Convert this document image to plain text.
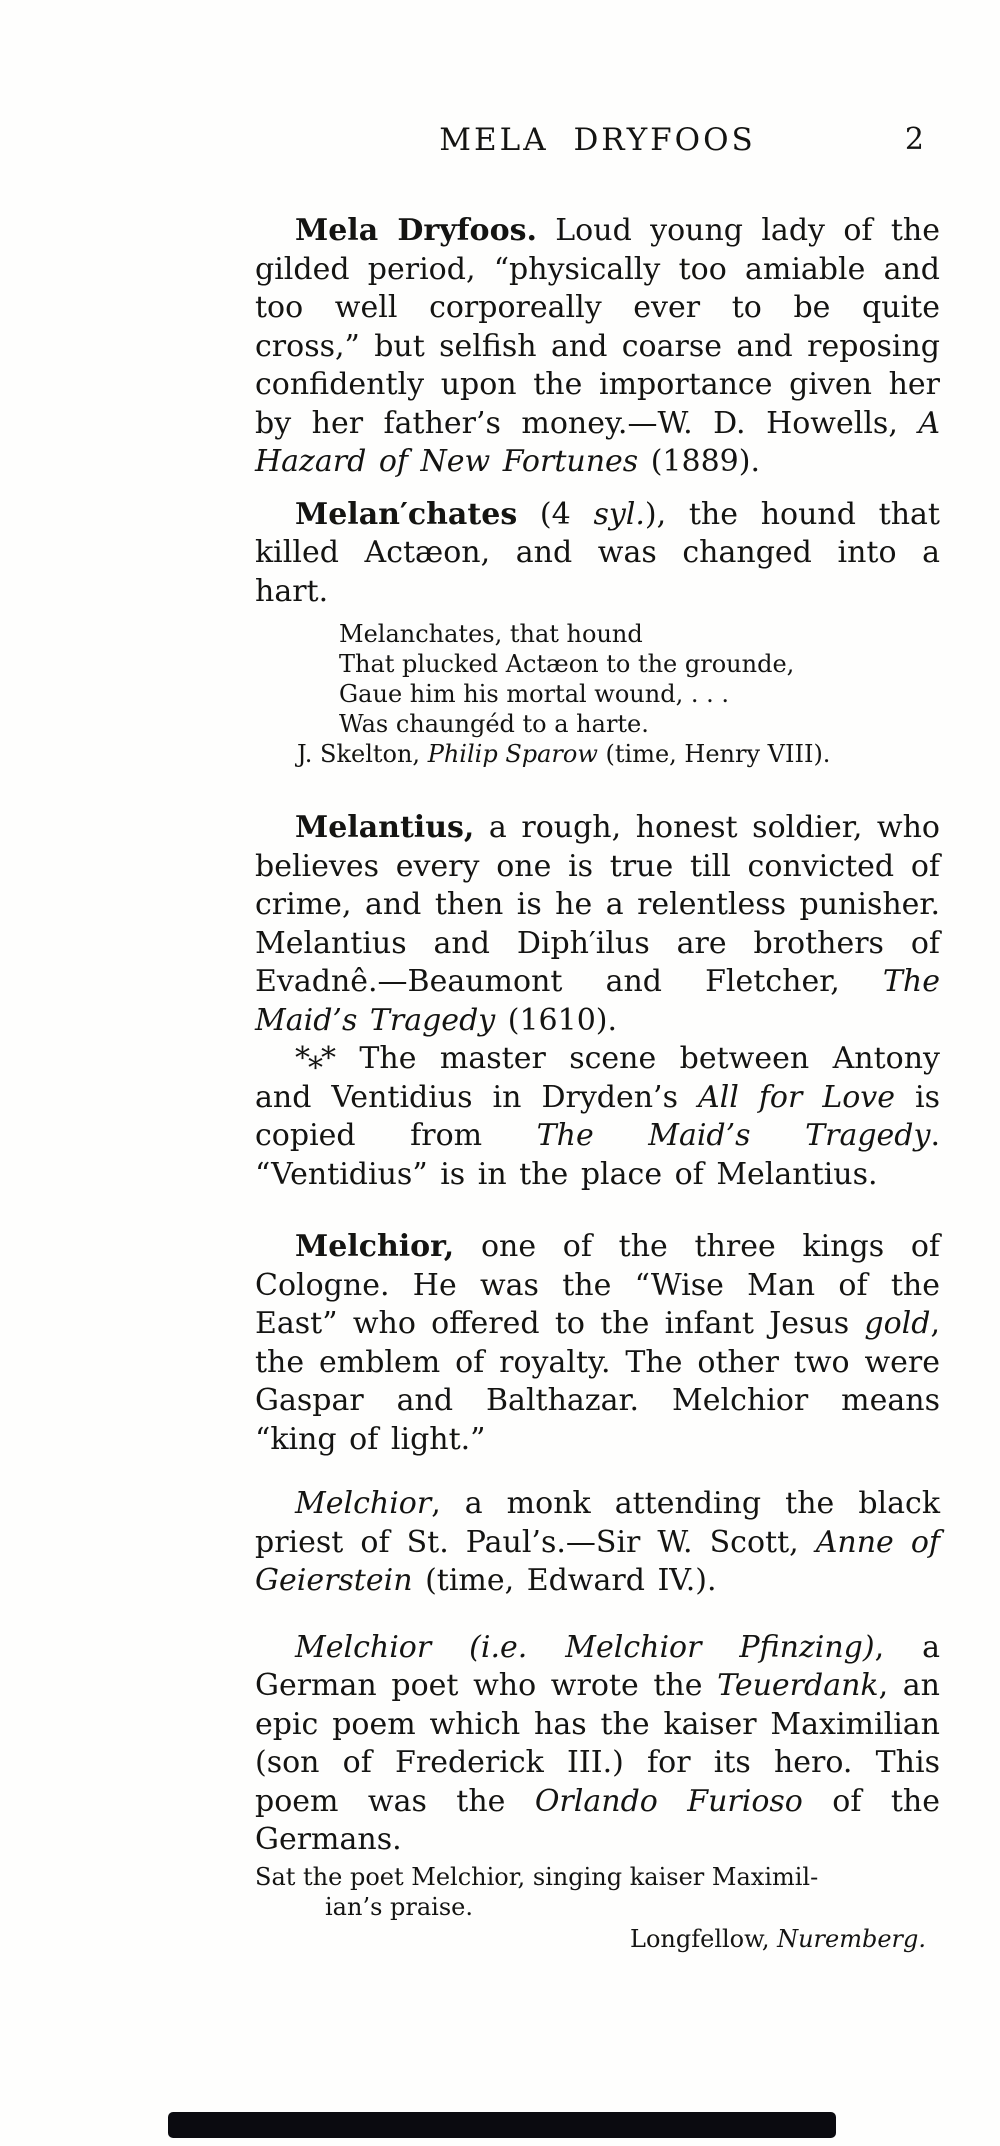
MELA DRYFOOS	2
Mela Dryfoos. Loud young lady of the gilded period, “physically too amiable and too well corporeally ever to be quite cross,” but selfish and coarse and reposing confidently upon the importance given her by her father’s money.—W. D. Howells, A Hazard of New Fortunes (1889).
Melan′chates (4 syl.), the hound that killed Actæon, and was changed into a hart.
Melanchates, that hound
That plucked Actæon to the grounde,
Gaue him his mortal wound, . . .
Was chaungéd to a harte.
J. Skelton, Philip Sparow (time, Henry VIII).
Melantius, a rough, honest soldier, who believes every one is true till convicted of crime, and then is he a relentless punisher. Melantius and Diph′ilus are brothers of Evadnê.—Beaumont and Fletcher, The Maid’s Tragedy (1610).
*** The master scene between Antony and Ventidius in Dryden’s All for Love is copied from The Maid’s Tragedy. “Ventidius” is in the place of Melantius.
Melchior, one of the three kings of Cologne. He was the “Wise Man of the East” who offered to the infant Jesus gold, the emblem of royalty. The other two were Gaspar and Balthazar. Melchior means “king of light.”
Melchior, a monk attending the black priest of St. Paul’s.—Sir W. Scott, Anne of Geierstein (time, Edward IV.).
Melchior (i.e. Melchior Pfinzing), a German poet who wrote the Teuerdank, an epic poem which has the kaiser Maximilian (son of Frederick III.) for its hero. This poem was the Orlando Furioso of the Germans.
Sat the poet Melchior, singing kaiser Maximil-
ian’s praise.
Longfellow, Nuremberg.
